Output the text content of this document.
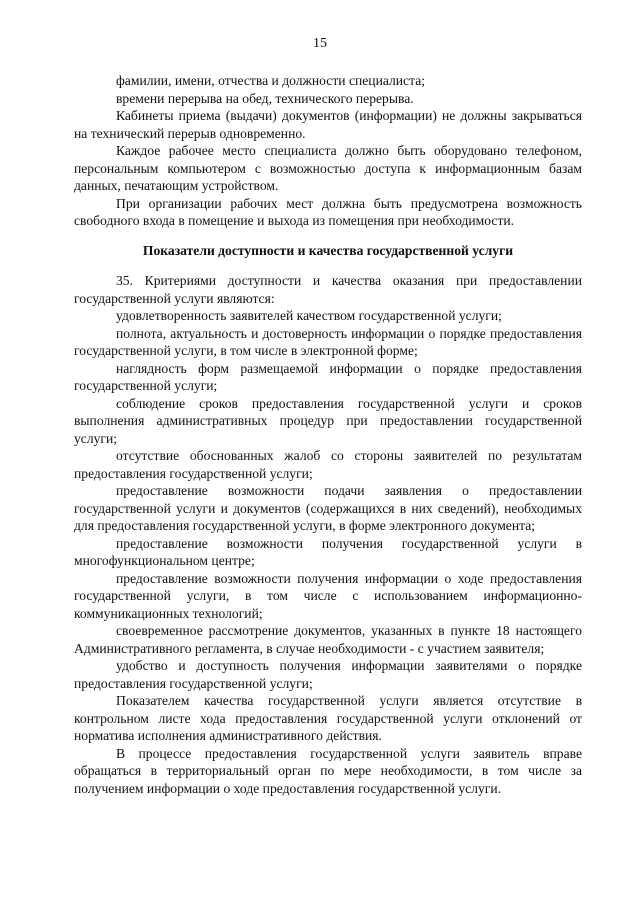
15

фамилии, имени, отчества и должности специалиста;

времени перерыва на обед, технического перерыва.

Кабинеты приема (выдачи) документов (информации) не должны закрываться на технический перерыв одновременно.

Каждое рабочее место специалиста должно быть оборудовано телефоном, персональным компьютером с возможностью доступа к информационным базам данных, печатающим устройством.

При организации рабочих мест должна быть предусмотрена возможность свободного входа в помещение и выхода из помещения при необходимости.

Показатели доступности и качества государственной услуги

35. Критериями доступности и качества оказания при предоставлении государственной услуги являются:

удовлетворенность заявителей качеством государственной услуги;

полнота, актуальность и достоверность информации о порядке предоставления государственной услуги, в том числе в электронной форме;

наглядность форм размещаемой информации о порядке предоставления государственной услуги;

соблюдение сроков предоставления государственной услуги и сроков выполнения административных процедур при предоставлении государственной услуги;

отсутствие обоснованных жалоб со стороны заявителей по результатам предоставления государственной услуги;

предоставление возможности подачи заявления о предоставлении государственной услуги и документов (содержащихся в них сведений), необходимых для предоставления государственной услуги, в форме электронного документа;

предоставление возможности получения государственной услуги в многофункциональном центре;

предоставление возможности получения информации о ходе предоставления государственной услуги, в том числе с использованием информационно-коммуникационных технологий;

своевременное рассмотрение документов, указанных в пункте 18 настоящего Административного регламента, в случае необходимости - с участием заявителя;

удобство и доступность получения информации заявителями о порядке предоставления государственной услуги;

Показателем качества государственной услуги является отсутствие в контрольном листе хода предоставления государственной услуги отклонений от норматива исполнения административного действия.

В процессе предоставления государственной услуги заявитель вправе обращаться в территориальный орган по мере необходимости, в том числе за получением информации о ходе предоставления государственной услуги.
